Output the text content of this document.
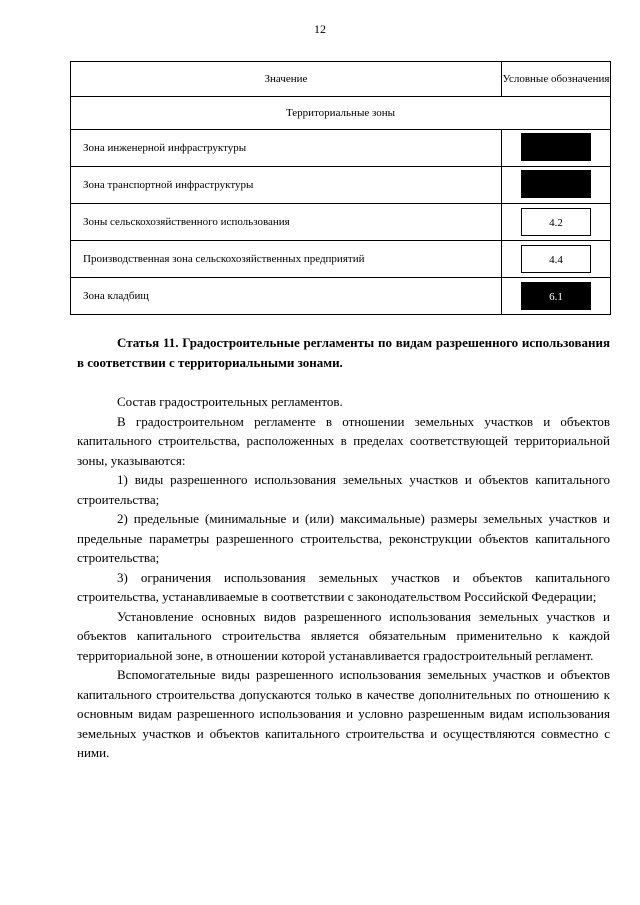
12
Значение	Условные обозначения
Территориальные зоны	
Зона инженерной инфраструктуры	
Зона транспортной инфраструктуры	
Зоны сельскохозяйственного использования	4.2
Производственная зона сельскохозяйственных предприятий	4.4
Зона кладбищ	6.1

Статья 11. Градостроительные регламенты по видам разрешенного использования в соответствии с территориальными зонами.

Состав градостроительных регламентов.

В градостроительном регламенте в отношении земельных участков и объектов капитального строительства, расположенных в пределах соответствующей территориальной зоны, указываются:

1) виды разрешенного использования земельных участков и объектов капитального строительства;

2) предельные (минимальные и (или) максимальные) размеры земельных участков и предельные параметры разрешенного строительства, реконструкции объектов капитального строительства;

3) ограничения использования земельных участков и объектов капитального строительства, устанавливаемые в соответствии с законодательством Российской Федерации;

Установление основных видов разрешенного использования земельных участков и объектов капитального строительства является обязательным применительно к каждой территориальной зоне, в отношении которой устанавливается градостроительный регламент.

Вспомогательные виды разрешенного использования земельных участков и объектов капитального строительства допускаются только в качестве дополнительных по отношению к основным видам разрешенного использования и условно разрешенным видам использования земельных участков и объектов капитального строительства и осуществляются совместно с ними.
